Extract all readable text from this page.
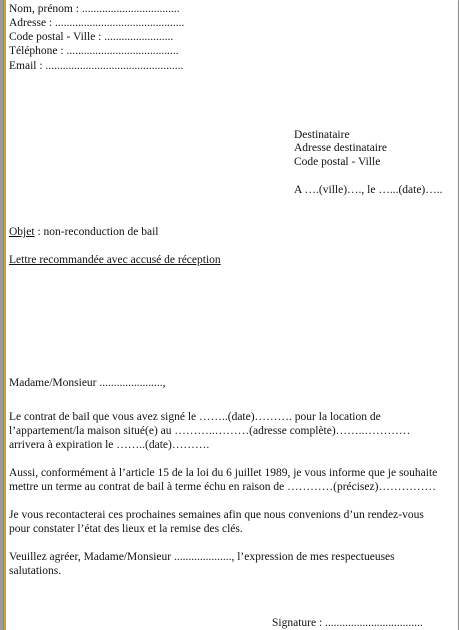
Nom, prénom : ..................................
Adresse : .............................................
Code postal - Ville : ........................
Téléphone : .......................................
Email : ................................................
Destinataire
Adresse destinataire
Code postal - Ville
A ….(ville)…., le …...(date)…..
Objet : non-reconduction de bail
Lettre recommandée avec accusé de réception
Madame/Monsieur ......................,
Le contrat de bail que vous avez signé le ……..(date)………. pour la location de
l’appartement/la maison situé(e) au ………..………(adresse complète)……..…………
arrivera à expiration le ……..(date)……….
Aussi, conformément à l’article 15 de la loi du 6 juillet 1989, je vous informe que je souhaite
mettre un terme au contrat de bail à terme échu en raison de …………(précisez)……………
Je vous recontacterai ces prochaines semaines afin que nous convenions d’un rendez-vous
pour constater l’état des lieux et la remise des clés.
Veuillez agréer, Madame/Monsieur ...................., l’expression de mes respectueuses
salutations.
Signature : ..................................
